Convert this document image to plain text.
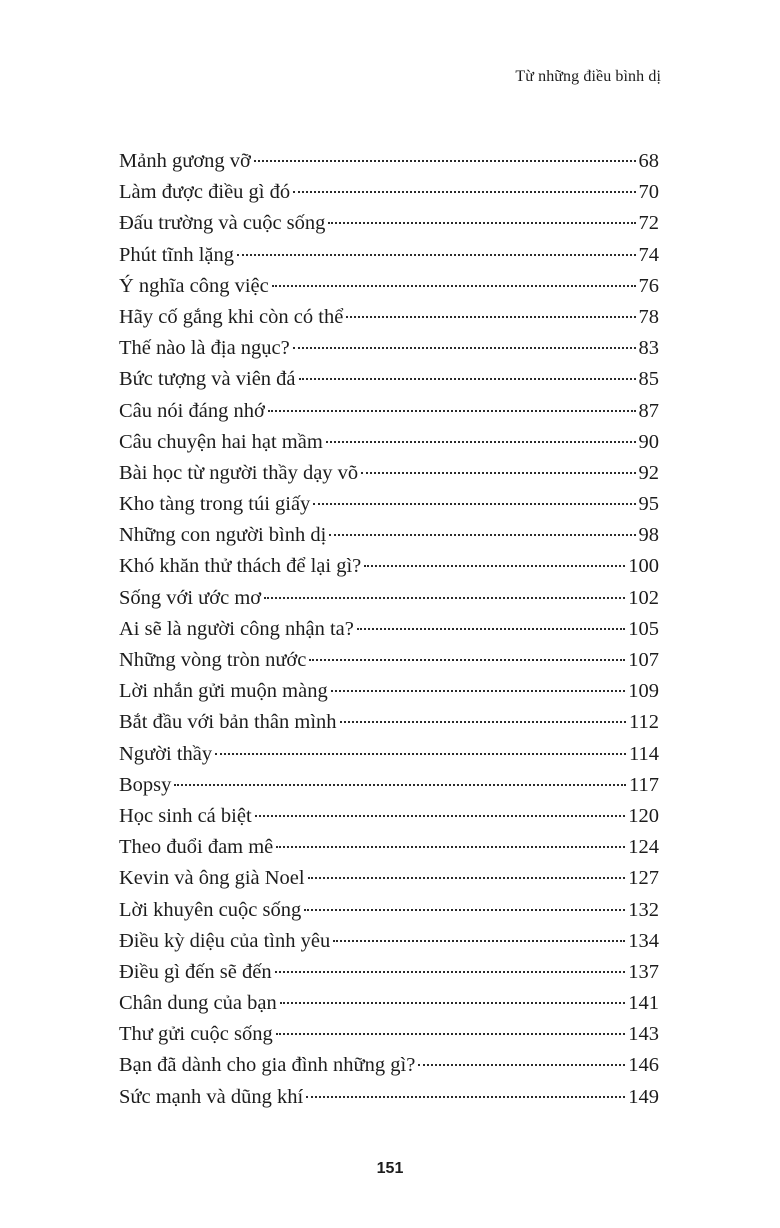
Từ những điều bình dị
Mảnh gương vỡ	68
Làm được điều gì đó	70
Đấu trường và cuộc sống	72
Phút tĩnh lặng	74
Ý nghĩa công việc	76
Hãy cố gắng khi còn có thể	78
Thế nào là địa ngục?	83
Bức tượng và viên đá	85
Câu nói đáng nhớ	87
Câu chuyện hai hạt mầm	90
Bài học từ người thầy dạy võ	92
Kho tàng trong túi giấy	95
Những con người bình dị	98
Khó khăn thử thách để lại gì?	100
Sống với ước mơ	102
Ai sẽ là người công nhận ta?	105
Những vòng tròn nước	107
Lời nhắn gửi muộn màng	109
Bắt đầu với bản thân mình	112
Người thầy	114
Bopsy	117
Học sinh cá biệt	120
Theo đuổi đam mê	124
Kevin và ông già Noel	127
Lời khuyên cuộc sống	132
Điều kỳ diệu của tình yêu	134
Điều gì đến sẽ đến	137
Chân dung của bạn	141
Thư gửi cuộc sống	143
Bạn đã dành cho gia đình những gì?	146
Sức mạnh và dũng khí	149
151
